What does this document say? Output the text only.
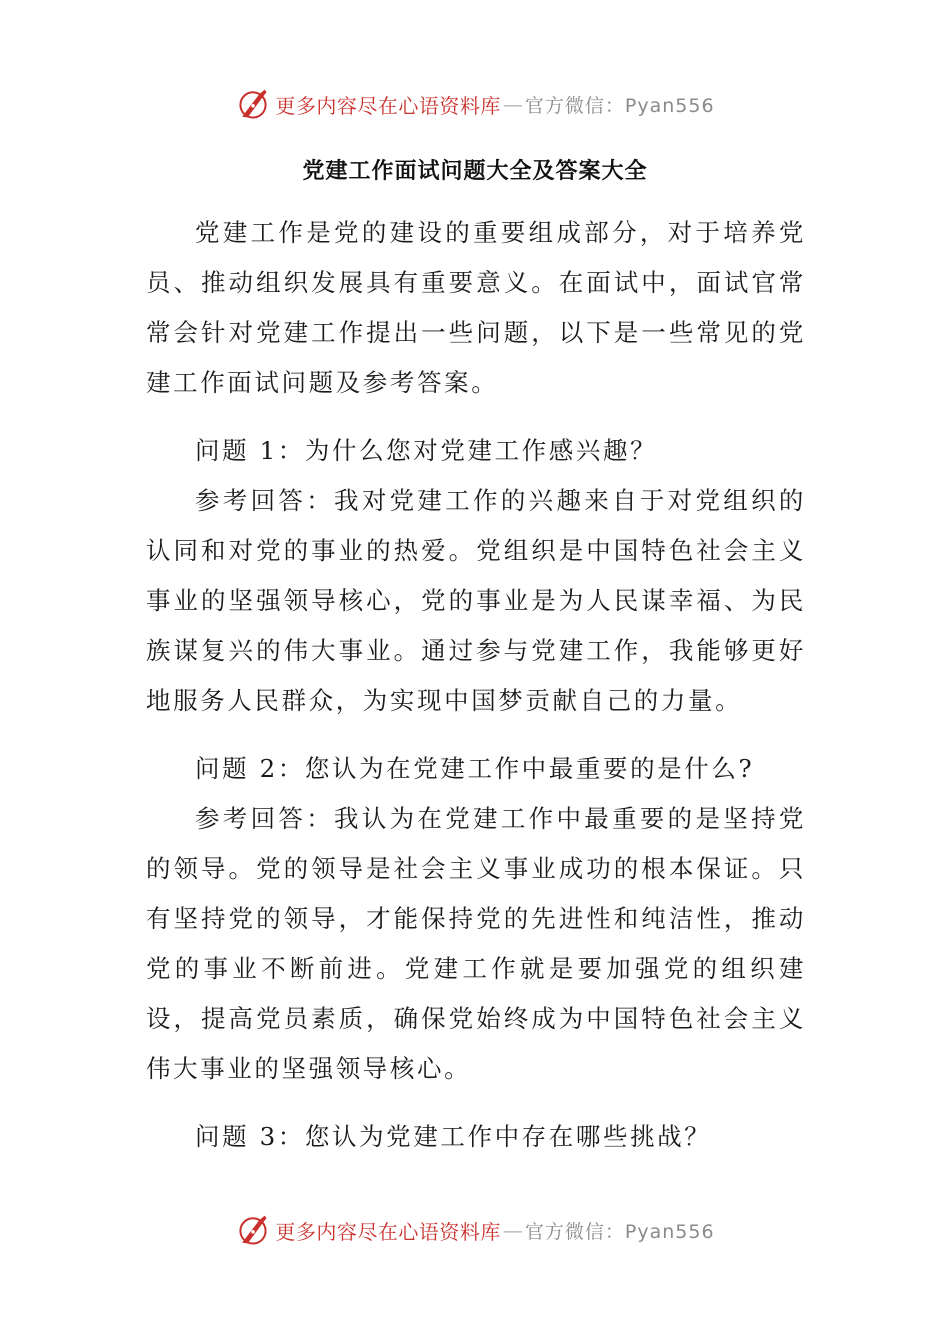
更多内容尽在心语资料库 — 官方微信：Pyan556
党建工作面试问题大全及答案大全

党建工作是党的建设的重要组成部分，对于培养党员、推动组织发展具有重要意义。在面试中，面试官常常会针对党建工作提出一些问题，以下是一些常见的党建工作面试问题及参考答案。

问题 1：为什么您对党建工作感兴趣？

参考回答：我对党建工作的兴趣来自于对党组织的认同和对党的事业的热爱。党组织是中国特色社会主义事业的坚强领导核心，党的事业是为人民谋幸福、为民族谋复兴的伟大事业。通过参与党建工作，我能够更好地服务人民群众，为实现中国梦贡献自己的力量。

问题 2：您认为在党建工作中最重要的是什么?

参考回答：我认为在党建工作中最重要的是坚持党的领导。党的领导是社会主义事业成功的根本保证。只有坚持党的领导，才能保持党的先进性和纯洁性，推动党的事业不断前进。党建工作就是要加强党的组织建设，提高党员素质，确保党始终成为中国特色社会主义伟大事业的坚强领导核心。

问题 3：您认为党建工作中存在哪些挑战？

更多内容尽在心语资料库 — 官方微信：Pyan556
